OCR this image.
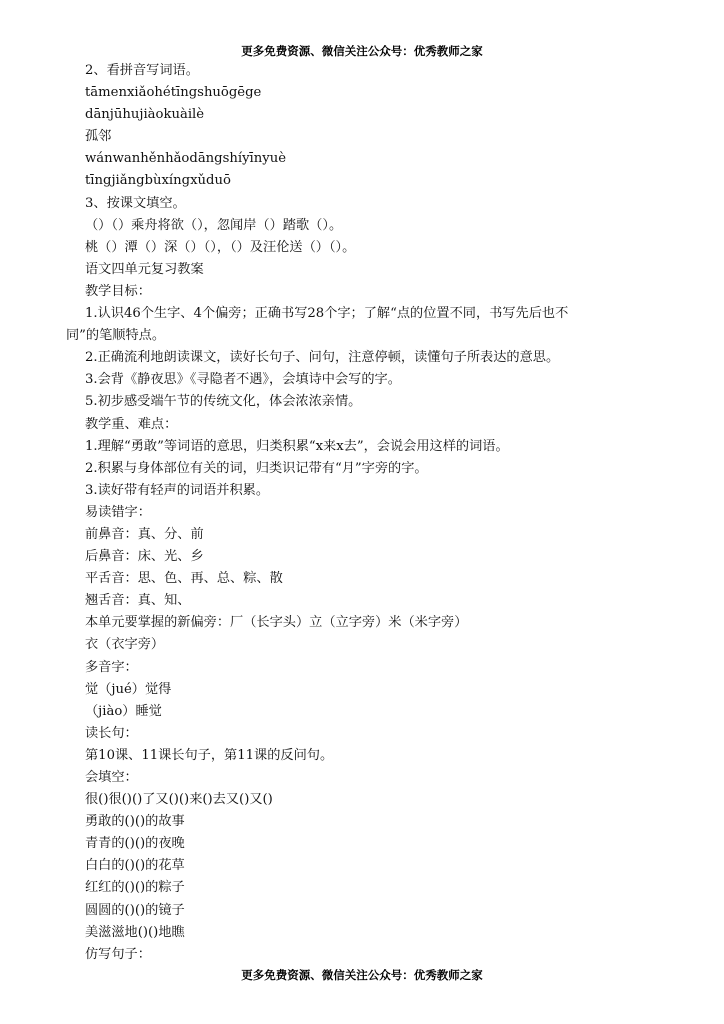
更多免费资源、微信关注公众号：优秀教师之家
2、看拼音写词语。
tāmenxiǎohétīngshuōgēge
dānjūhujiàokuàilè
孤邻
wánwanhěnhǎodāngshíyīnyuè
tīngjiǎngbùxíngxǔduō
3、按课文填空。
（）（）乘舟将欲（），忽闻岸（）踏歌（）。
桃（）潭（）深（）（），（）及汪伦送（）（）。
语文四单元复习教案
教学目标：
1.认识46个生字、4个偏旁；正确书写28个字；了解“点的位置不同，书写先后也不
同”的笔顺特点。
2.正确流利地朗读课文，读好长句子、问句，注意停顿，读懂句子所表达的意思。
3.会背《静夜思》《寻隐者不遇》，会填诗中会写的字。
5.初步感受端午节的传统文化，体会浓浓亲情。
教学重、难点：
1.理解“勇敢”等词语的意思，归类积累“x来x去”，会说会用这样的词语。
2.积累与身体部位有关的词，归类识记带有“月”字旁的字。
3.读好带有轻声的词语并积累。
易读错字：
前鼻音：真、分、前
后鼻音：床、光、乡
平舌音：思、色、再、总、粽、散
翘舌音：真、知、
本单元要掌握的新偏旁：厂（长字头）立（立字旁）米（米字旁）
衣（衣字旁）
多音字：
觉（jué）觉得
（jiào）睡觉
读长句：
第10课、11课长句子，第11课的反问句。
会填空：
很()很()()了又()()来()去又()又()
勇敢的()()的故事
青青的()()的夜晚
白白的()()的花草
红红的()()的粽子
圆圆的()()的镜子
美滋滋地()()地瞧
仿写句子：
更多免费资源、微信关注公众号：优秀教师之家
